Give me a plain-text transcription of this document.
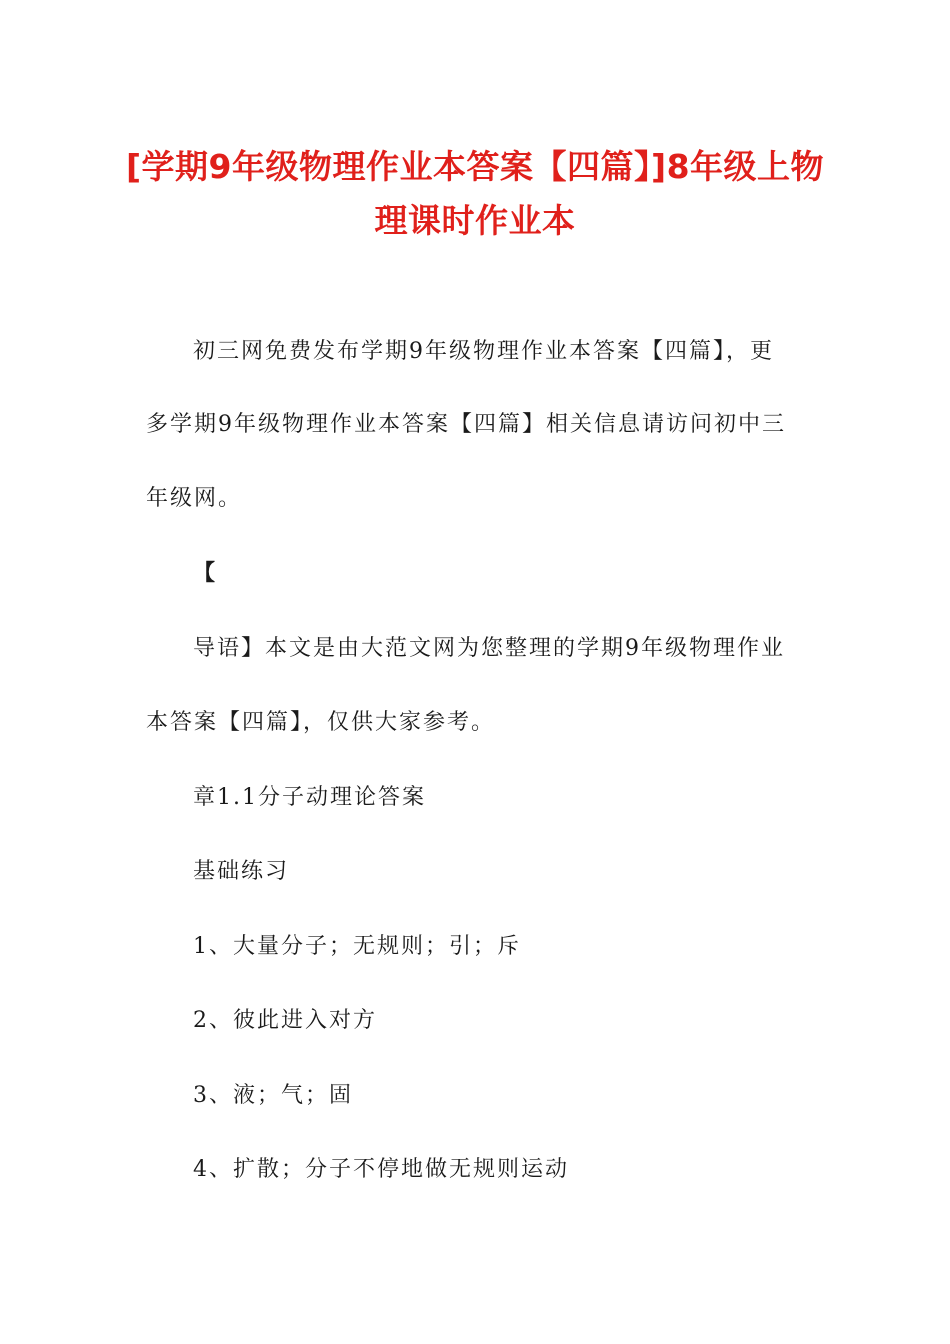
[学期9年级物理作业本答案【四篇】]8年级上物理课时作业本

初三网免费发布学期9年级物理作业本答案【四篇】，更

多学期9年级物理作业本答案【四篇】相关信息请访问初中三

年级网。

【

导语】本文是由大范文网为您整理的学期9年级物理作业

本答案【四篇】，仅供大家参考。

章1.1分子动理论答案

基础练习

1、大量分子；无规则；引；斥

2、彼此进入对方

3、液；气；固

4、扩散；分子不停地做无规则运动
